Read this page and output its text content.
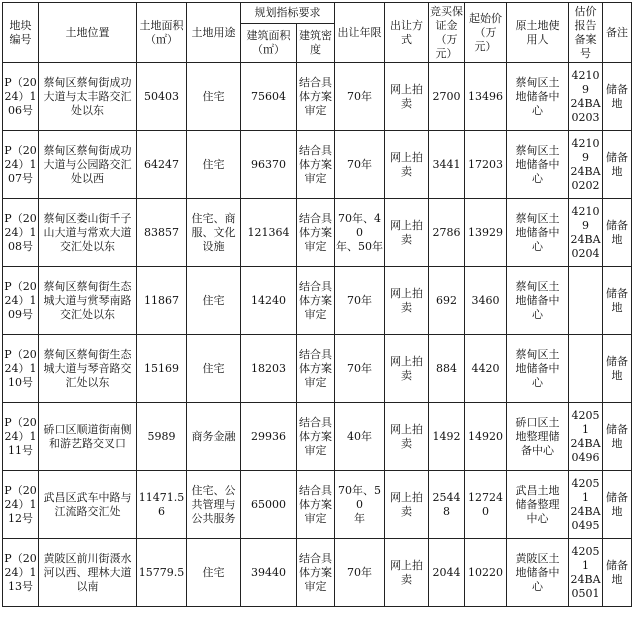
地块
编号	土地位置	土地面积
（㎡）	土地用途	规划指标要求		出让年限	出让方
式	竞买保
证金
（万
元）	起始价
（万
元）	原土地使
用人	估价
报告
备案
号	备注

				建筑面积
（㎡）	建筑密
度							

P（20
24）1
06号	蔡甸区蔡甸街成功
大道与太丰路交汇
处以东	50403	住宅	75604	结合具
体方案
审定	70年	网上拍
卖	2700	13496	蔡甸区土
地储备中
心	42109
24BA
0203	储备
地

P（20
24）1
07号	蔡甸区蔡甸街成功
大道与公园路交汇
处以西	64247	住宅	96370	结合具
体方案
审定	70年	网上拍
卖	3441	17203	蔡甸区土
地储备中
心	42109
24BA
0202	储备
地

P（20
24）1
08号	蔡甸区娄山街千子
山大道与常欢大道
交汇处以东	83857	住宅、商
服、文化
设施	121364	结合具
体方案
审定	70年、40
年、50年	网上拍
卖	2786	13929	蔡甸区土
地储备中
心	42109
24BA
0204	储备
地

P（20
24）1
09号	蔡甸区蔡甸街生态
城大道与赏琴南路
交汇处以东	11867	住宅	14240	结合具
体方案
审定	70年	网上拍
卖	692	3460	蔡甸区土
地储备中
心		储备
地

P（20
24）1
10号	蔡甸区蔡甸街生态
城大道与琴音路交
汇处以东	15169	住宅	18203	结合具
体方案
审定	70年	网上拍
卖	884	4420	蔡甸区土
地储备中
心		储备
地

P（20
24）1
11号	硚口区顺道街南侧
和游艺路交叉口	5989	商务金融	29936	结合具
体方案
审定	40年	网上拍
卖	1492	14920	硚口区土
地整理储
备中心	42051
24BA
0496	储备
地

P（20
24）1
12号	武昌区武车中路与
江流路交汇处	11471.56	住宅、公
共管理与
公共服务	65000	结合具
体方案
审定	70年、50
年	网上拍
卖	25448	127240	武昌土地
储备整理
中心	42051
24BA
0495	储备
地

P（20
24）1
13号	黄陂区前川街滠水
河以西、理林大道
以南	15779.5	住宅	39440	结合具
体方案
审定	70年	网上拍
卖	2044	10220	黄陂区土
地储备中
心	42051
24BA
0501	储备
地
